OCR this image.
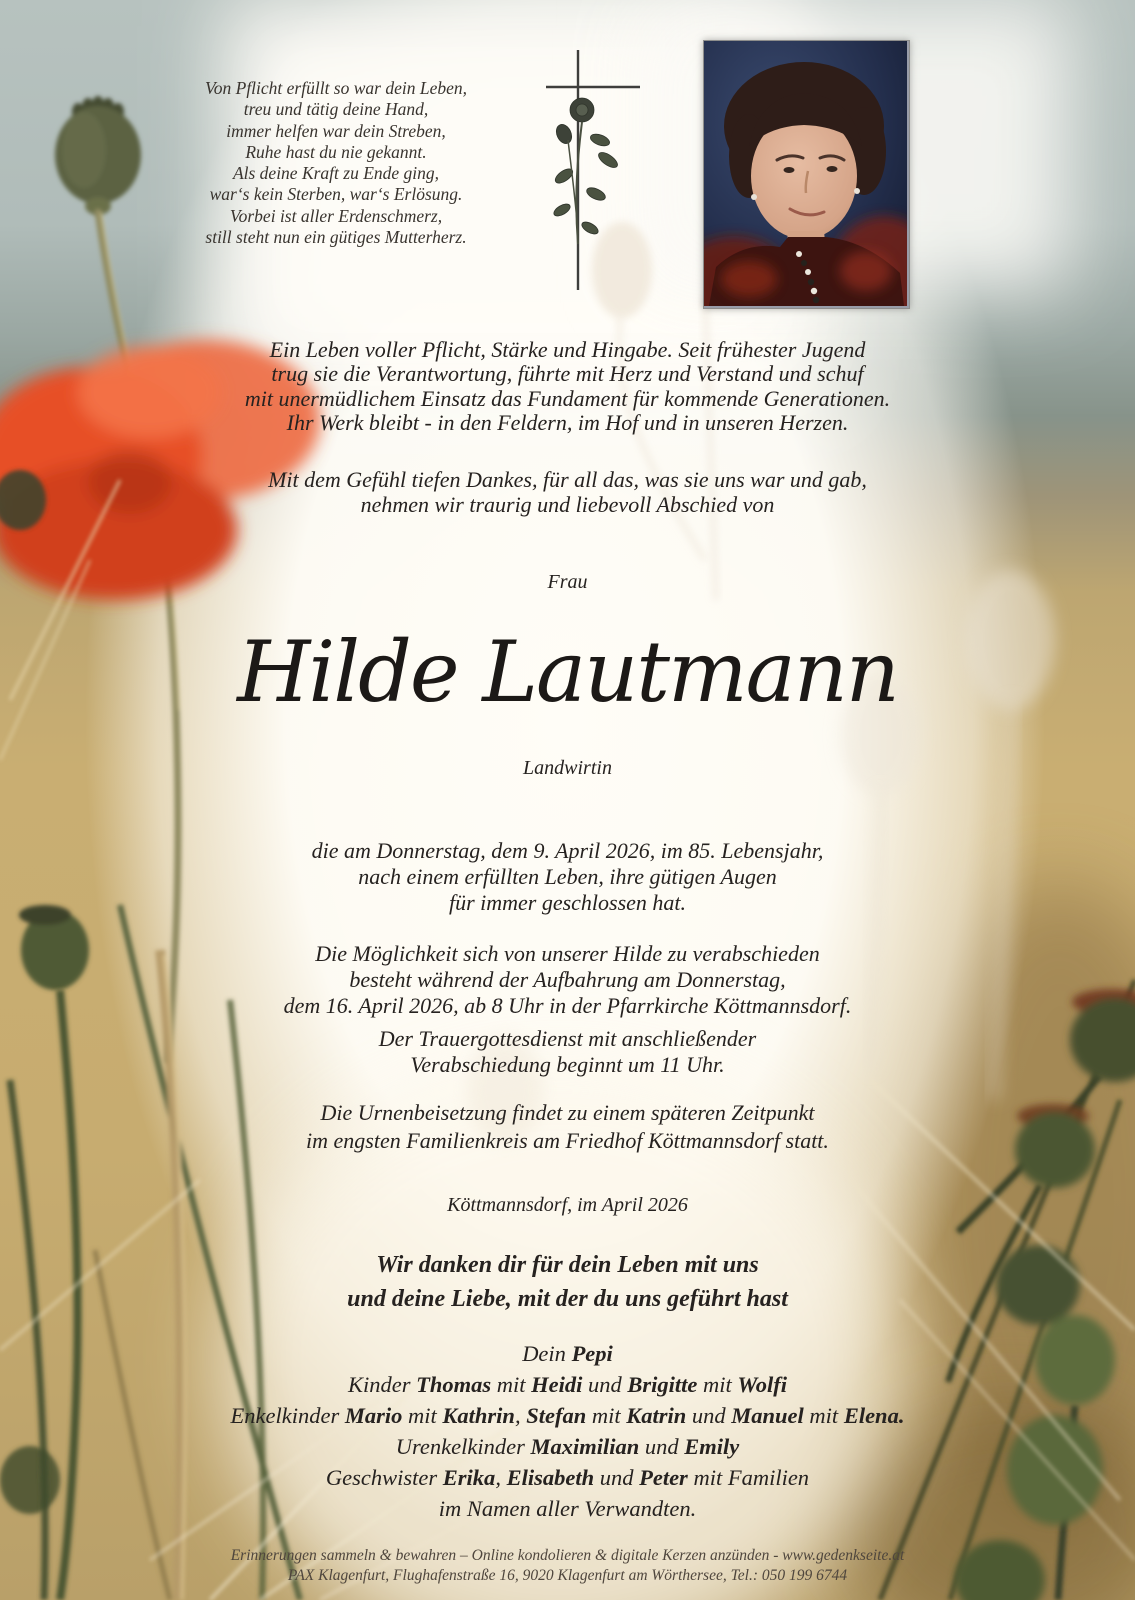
Von Pflicht erfüllt so war dein Leben,
treu und tätig deine Hand,
immer helfen war dein Streben,
Ruhe hast du nie gekannt.
Als deine Kraft zu Ende ging,
war‘s kein Sterben, war‘s Erlösung.
Vorbei ist aller Erdenschmerz,
still steht nun ein gütiges Mutterherz.
Ein Leben voller Pflicht, Stärke und Hingabe. Seit frühester Jugend
trug sie die Verantwortung, führte mit Herz und Verstand und schuf
mit unermüdlichem Einsatz das Fundament für kommende Generationen.
Ihr Werk bleibt - in den Feldern, im Hof und in unseren Herzen.
Mit dem Gefühl tiefen Dankes, für all das, was sie uns war und gab,
nehmen wir traurig und liebevoll Abschied von
Frau
Hilde Lautmann
Landwirtin
die am Donnerstag, dem 9. April 2026, im 85. Lebensjahr,
nach einem erfüllten Leben, ihre gütigen Augen
für immer geschlossen hat.
Die Möglichkeit sich von unserer Hilde zu verabschieden
besteht während der Aufbahrung am Donnerstag,
dem 16. April 2026, ab 8 Uhr in der Pfarrkirche Köttmannsdorf.
Der Trauergottesdienst mit anschließender
Verabschiedung beginnt um 11 Uhr.
Die Urnenbeisetzung findet zu einem späteren Zeitpunkt
im engsten Familienkreis am Friedhof Köttmannsdorf statt.
Köttmannsdorf, im April 2026
Wir danken dir für dein Leben mit uns
und deine Liebe, mit der du uns geführt hast
Dein Pepi
Kinder Thomas mit Heidi und Brigitte mit Wolfi
Enkelkinder Mario mit Kathrin, Stefan mit Katrin und Manuel mit Elena.
Urenkelkinder Maximilian und Emily
Geschwister Erika, Elisabeth und Peter mit Familien
im Namen aller Verwandten.
Erinnerungen sammeln & bewahren – Online kondolieren & digitale Kerzen anzünden - www.gedenkseite.at
PAX Klagenfurt, Flughafenstraße 16, 9020 Klagenfurt am Wörthersee, Tel.: 050 199 6744
